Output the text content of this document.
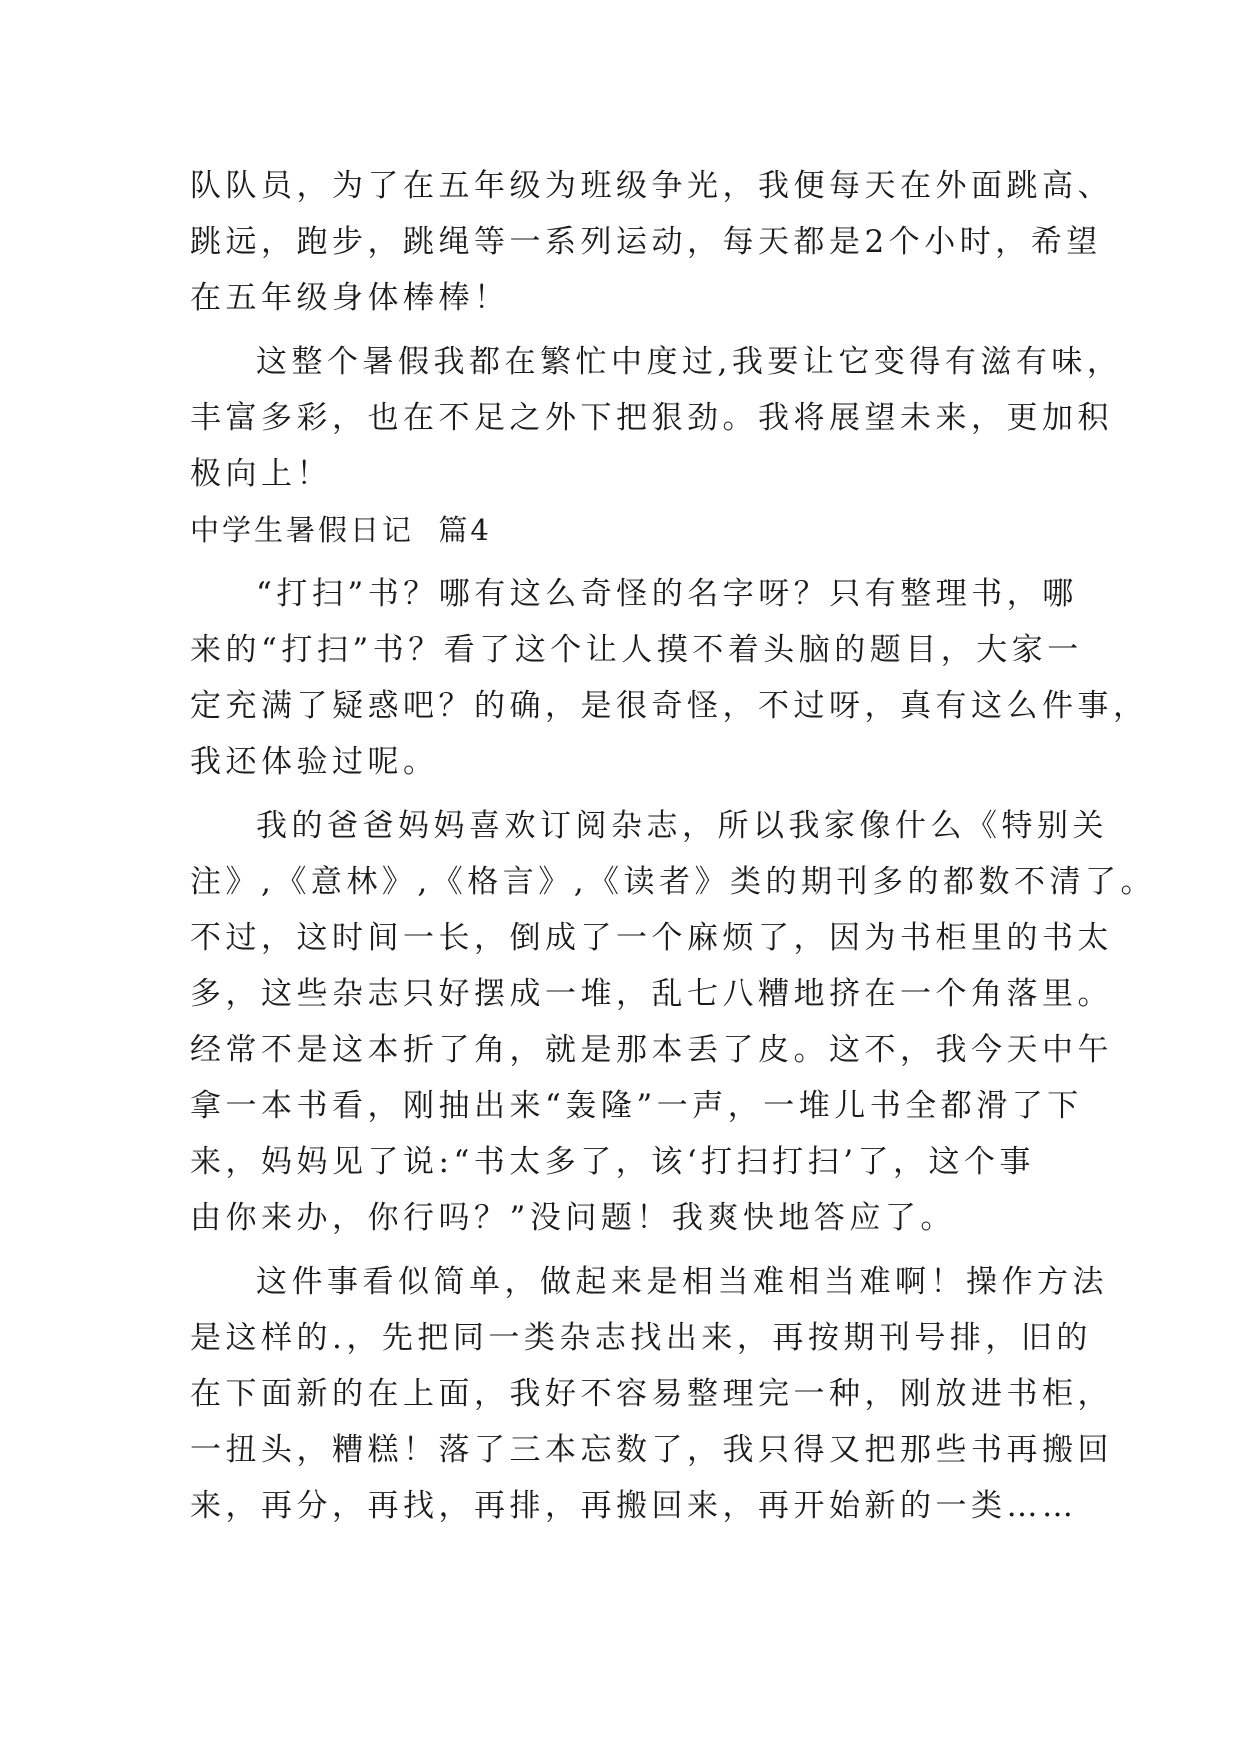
队队员，为了在五年级为班级争光，我便每天在外面跳高、
跳远，跑步，跳绳等一系列运动，每天都是2个小时，希望
在五年级身体棒棒！
这整个暑假我都在繁忙中度过,我要让它变得有滋有味，
丰富多彩，也在不足之外下把狠劲。我将展望未来，更加积
极向上！
中学生暑假日记  篇4
“打扫”书？哪有这么奇怪的名字呀？只有整理书，哪
来的“打扫”书？看了这个让人摸不着头脑的题目，大家一
定充满了疑惑吧？的确，是很奇怪，不过呀，真有这么件事，
我还体验过呢。
我的爸爸妈妈喜欢订阅杂志，所以我家像什么《特别关
注》,《意林》,《格言》,《读者》类的期刊多的都数不清了。
不过，这时间一长，倒成了一个麻烦了，因为书柜里的书太
多，这些杂志只好摆成一堆，乱七八糟地挤在一个角落里。
经常不是这本折了角，就是那本丢了皮。这不，我今天中午
拿一本书看，刚抽出来“轰隆”一声，一堆儿书全都滑了下
来，妈妈见了说:“书太多了，该‘打扫打扫’了，这个事
由你来办，你行吗？”没问题！我爽快地答应了。
这件事看似简单，做起来是相当难相当难啊！操作方法
是这样的.，先把同一类杂志找出来，再按期刊号排，旧的
在下面新的在上面，我好不容易整理完一种，刚放进书柜，
一扭头，糟糕！落了三本忘数了，我只得又把那些书再搬回
来，再分，再找，再排，再搬回来，再开始新的一类……
